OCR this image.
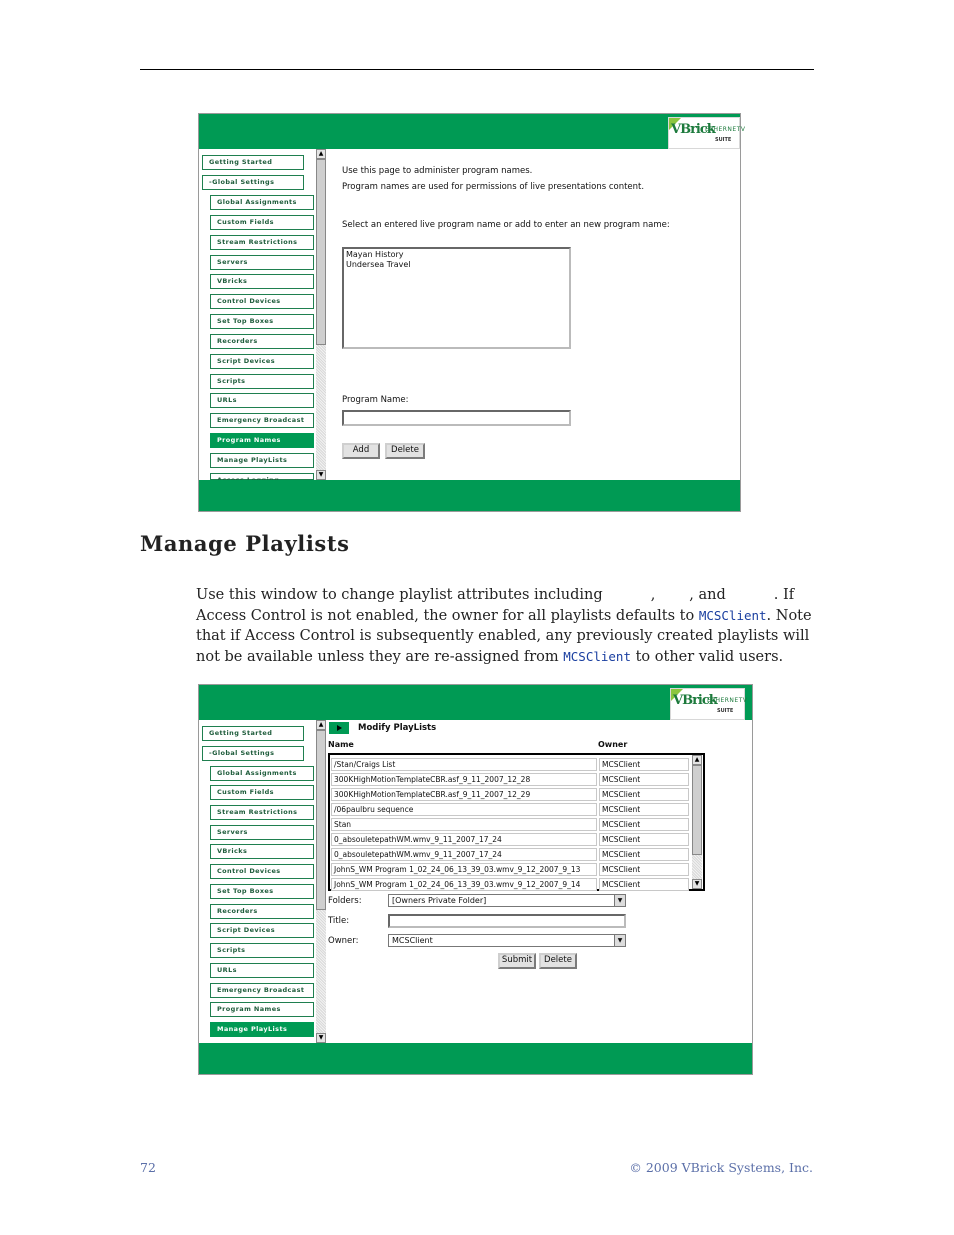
VBrick
ETHERNETV
SUITE
Getting Started
-Global Settings
Global Assignments
Custom Fields
Stream Restrictions
Servers
VBricks
Control Devices
Set Top Boxes
Recorders
Script Devices
Scripts
URLs
Emergency Broadcast
Program Names
Manage PlayLists
▲
▼
Use this page to administer program names.
Program names are used for permissions of live presentations content.
Select an entered live program name or add to enter an new program name:
Mayan History
Undersea Travel
Program Name:
Add	Delete
Manage Playlists
Use this window to change playlist attributes including	, , and	. If Access Control is not enabled, the owner for all playlists defaults to MCSClient. Note that if Access Control is subsequently enabled, any previously created playlists will not be available unless they are re-assigned from MCSClient to other valid users.
VBrick
ETHERNETV
SUITE
Getting Started
-Global Settings
Global Assignments
Custom Fields
Stream Restrictions
Servers
VBricks
Control Devices
Set Top Boxes
Recorders
Script Devices
Scripts
URLs
Emergency Broadcast
Program Names
Manage PlayLists
▲
▼
Modify PlayLists
Name	Owner
/Stan/Craigs List	MCSClient
300KHighMotionTemplateCBR.asf_9_11_2007_12_28	MCSClient
300KHighMotionTemplateCBR.asf_9_11_2007_12_29	MCSClient
/06paulbru sequence	MCSClient
Stan	MCSClient
0_absouletepathWM.wmv_9_11_2007_17_24	MCSClient
0_absouletepathWM.wmv_9_11_2007_17_24	MCSClient
JohnS_WM Program 1_02_24_06_13_39_03.wmv_9_12_2007_9_13	MCSClient
JohnS_WM Program 1_02_24_06_13_39_03.wmv_9_12_2007_9_14	MCSClient
▲
▼
Folders:	[Owners Private Folder]	▼
Title:
Owner:	MCSClient	▼
Submit	Delete
72	© 2009 VBrick Systems, Inc.
